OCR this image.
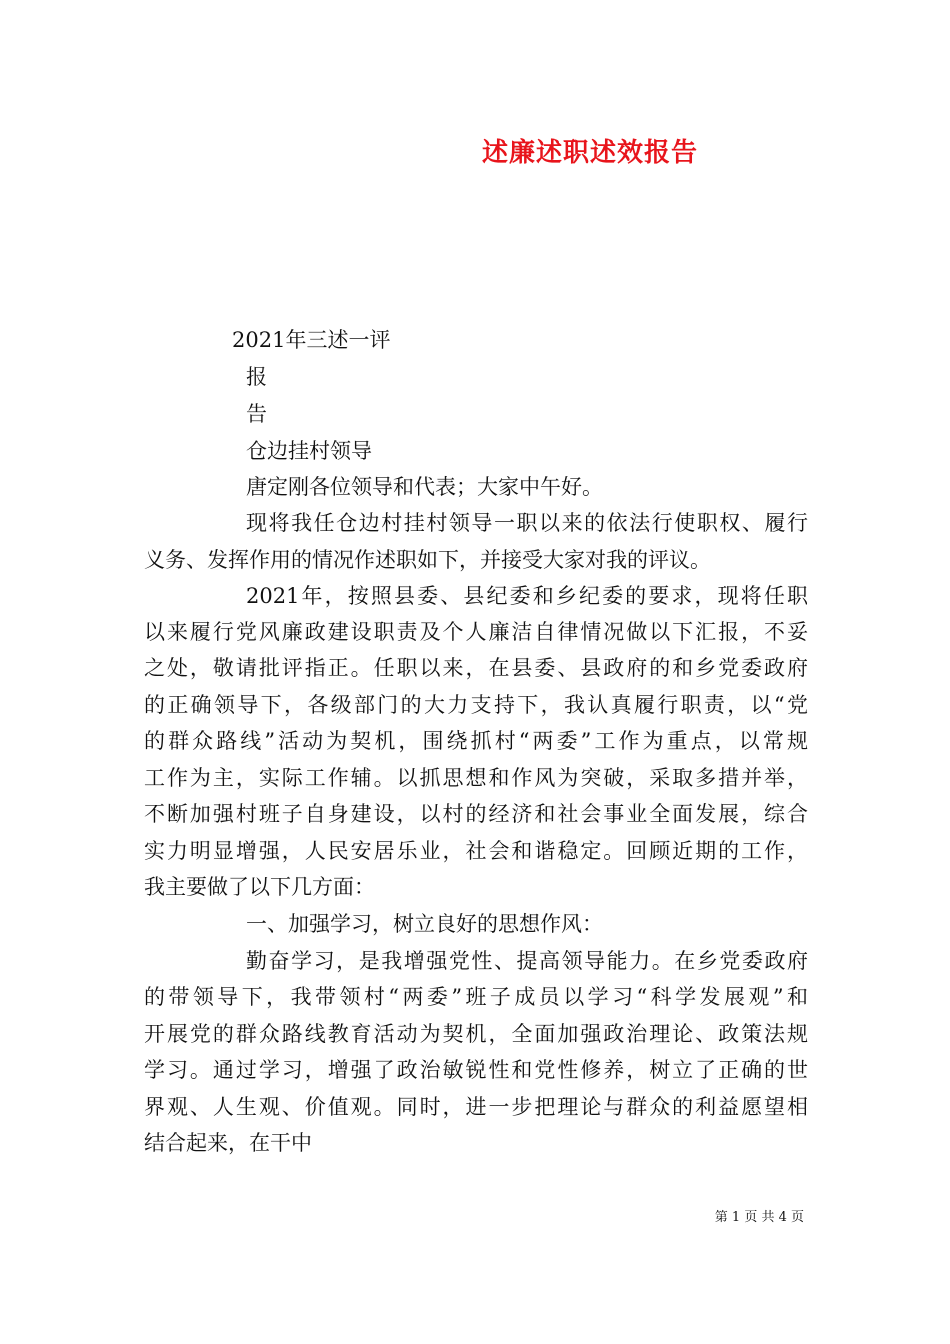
述廉述职述效报告
2021年三述一评
报
告
仓边挂村领导
唐定刚各位领导和代表；大家中午好。
现将我任仓边村挂村领导一职以来的依法行使职权、履行
义务、发挥作用的情况作述职如下，并接受大家对我的评议。
2021年，按照县委、县纪委和乡纪委的要求，现将任职
以来履行党风廉政建设职责及个人廉洁自律情况做以下汇报，不妥
之处，敬请批评指正。任职以来，在县委、县政府的和乡党委政府
的正确领导下，各级部门的大力支持下，我认真履行职责，以“党
的群众路线”活动为契机，围绕抓村“两委”工作为重点，以常规
工作为主，实际工作辅。以抓思想和作风为突破，采取多措并举，
不断加强村班子自身建设，以村的经济和社会事业全面发展，综合
实力明显增强，人民安居乐业，社会和谐稳定。回顾近期的工作，
我主要做了以下几方面：
一、加强学习，树立良好的思想作风：
勤奋学习，是我增强党性、提高领导能力。在乡党委政府
的带领导下，我带领村“两委”班子成员以学习“科学发展观”和
开展党的群众路线教育活动为契机，全面加强政治理论、政策法规
学习。通过学习，增强了政治敏锐性和党性修养，树立了正确的世
界观、人生观、价值观。同时，进一步把理论与群众的利益愿望相
结合起来，在干中
第 1 页 共 4 页
